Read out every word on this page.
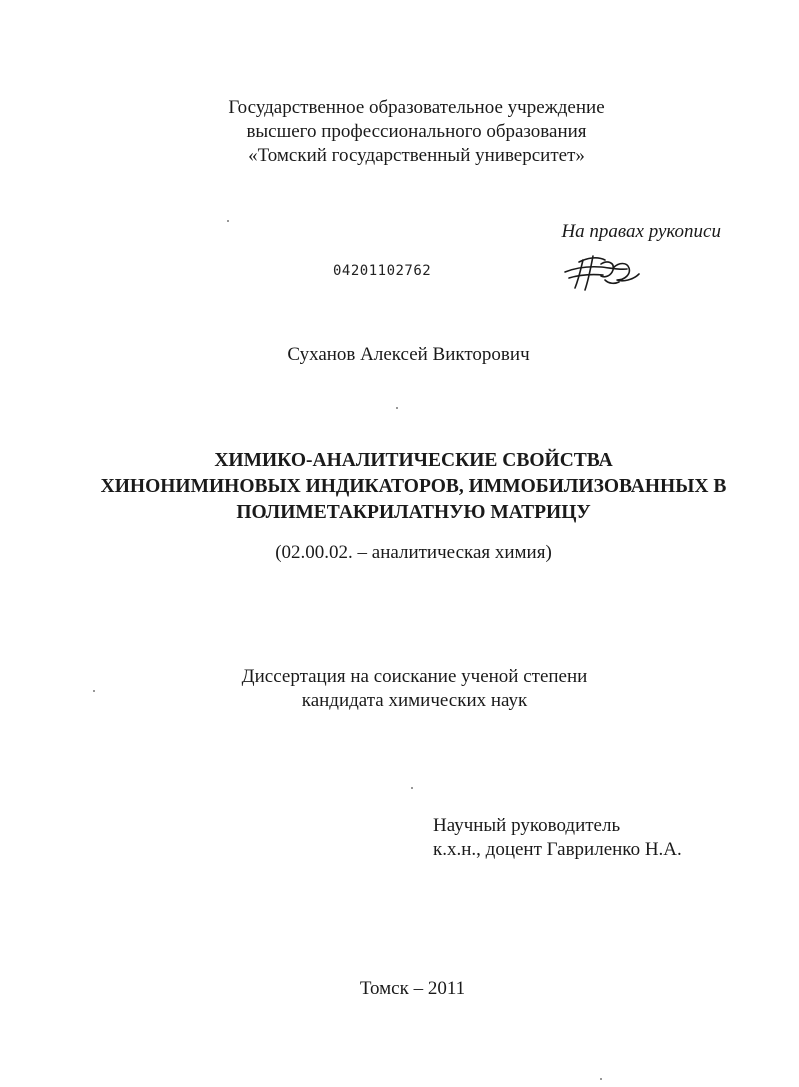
Государственное образовательное учреждение
высшего профессионального образования
«Томский государственный университет»
На правах рукописи
04201102762
Суханов Алексей Викторович
ХИМИКО-АНАЛИТИЧЕСКИЕ СВОЙСТВА
ХИНОНИМИНОВЫХ ИНДИКАТОРОВ, ИММОБИЛИЗОВАННЫХ В
ПОЛИМЕТАКРИЛАТНУЮ МАТРИЦУ
(02.00.02. – аналитическая химия)
Диссертация на соискание ученой степени
кандидата химических наук
Научный руководитель
к.х.н., доцент Гавриленко Н.А.
Томск – 2011
